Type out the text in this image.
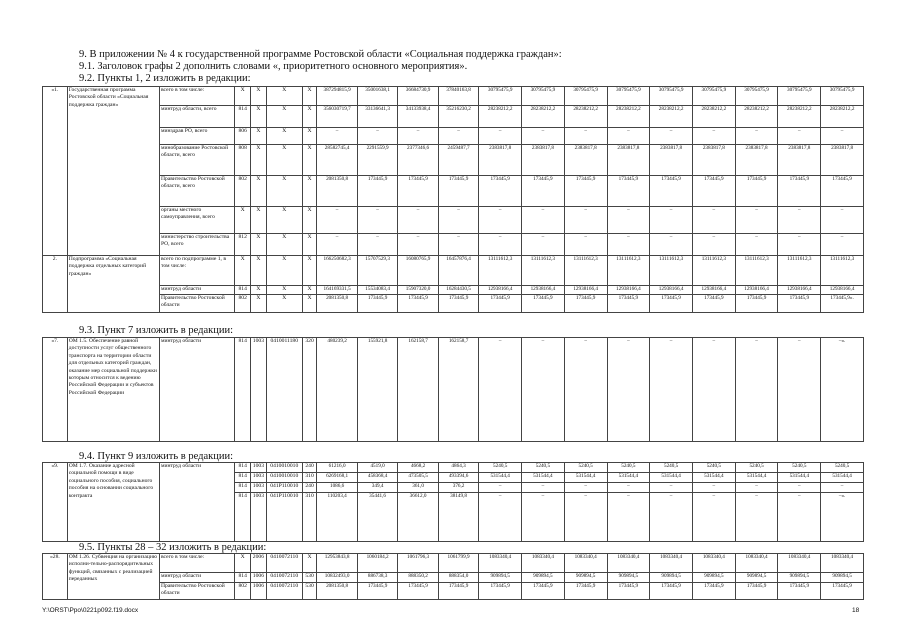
9. В приложении № 4 к государственной программе Ростовской области «Социальная поддержка граждан»:
9.1. Заголовок графы 2 дополнить словами «, приоритетного основного мероприятия».
9.2. Пункты 1, 2 изложить в редакции:
«1.	Государственная программа Ростовской области «Социальная поддержка граждан»	всего в том числе:	X	X	X	X	387294815,9	35001638,1	36684730,9	37840163,8	30795475,9	30795475,9	30795475,9	30795475,9	30795475,9	30795475,9	30795475,9	30795475,9	30795475,9
		минтруд области, всего	814	X	X	X	356030719,7	33136641,3	34133938,4	35216230,2	28238212,2	28238212,2	28238212,2	28238212,2	28238212,2	28238212,2	28238212,2	28238212,2	28238212,2
		минздрав РО, всего	806	X	X	X	–	–	–	–	–	–	–	–	–	–	–	–	–
		минобразование Ростовской области, всего	808	X	X	X	28582745,4	2291559,9	2377346,6	2459487,7	2383817,8	2383817,8	2383817,8	2383817,8	2383817,8	2383817,8	2383817,8	2383817,8	2383817,8
		Правительство Ростовской области, всего	802	X	X	X	2081350,8	173445,9	173445,9	173445,9	173445,9	173445,9	173445,9	173445,9	173445,9	173445,9	173445,9	173445,9	173445,9
		органы местного самоуправления, всего	X	X	X	X	–	–	–	–	–	–	–	–	–	–	–	–	–
		министерство строительства РО, всего	812	X	X	X	–	–	–	–	–	–	–	–	–	–	–	–	–
2.	Подпрограмма «Социальная поддержка отдельных категорий граждан»	всего по подпрограмме 1, в том числе:	X	X	X	X	166250682,3	15707529,3	16080765,9	16457876,4	13111612,3	13111612,3	13111612,3	13111612,3	13111612,3	13111612,3	13111612,3	13111612,3	13111612,3
		минтруд области	814	X	X	X	164169331,5	15534083,4	15907320,0	16284430,5	12938166,4	12938166,4	12938166,4	12938166,4	12938166,4	12938166,4	12938166,4	12938166,4	12938166,4
		Правительство Ростовской области	802	X	X	X	2081350,8	173445,9	173445,9	173445,9	173445,9	173445,9	173445,9	173445,9	173445,9	173445,9	173445,9	173445,9	173445,9».
9.3. Пункт 7 изложить в редакции:
«7.	ОМ 1.5. Обеспечение равной доступности услуг общественного транспорта на территории области для отдельных категорий граждан, оказание мер социальной поддержки которым относится к ведению Российской Федерации и субъектов Российской Федерации	минтруд области	814	1003	0410011180	320	480239,2	155921,8	162158,7	162158,7	–	–	–	–	–	–	–	–	–».
9.4. Пункт 9 изложить в редакции:
«9.	ОМ 1.7. Оказание адресной социальной помощи в виде социального пособия, социального пособия на основании социального контракта	минтруд области	814	1003	0410010010	240	61216,0	4519,0	4668,2	4864,3	5240,5	5240,5	5240,5	5240,5	5240,5	5240,5	5240,5	5240,5	5240,5
			814	1003	0410010010	310	6269168,1	458368,4	473505,5	493394,6	531544,4	531544,4	531544,4	531544,4	531544,4	531544,4	531544,4	531544,4	531544,4
			814	1003	041P110010	240	1086,6	349,4	361,0	376,2	–	–	–	–	–	–	–	–	–
			814	1003	041P110010	310	110203,4	35441,6	36612,0	38149,8	–	–	–	–	–	–	–	–	–».
9.5. Пункты 28 – 32 изложить в редакции:
«28.	ОМ 1.26. Субвенция на организацию исполни-тельно-распорядительных функций, связанных с реализацией переданных	всего в том числе:	X	2006	0410072110	X	12953843,8	1060184,2	1061796,3	1061799,9	1083340,4	1083340,4	1083340,4	1083340,4	1083340,4	1083340,4	1083340,4	1083340,4	1083340,4
		минтруд области	814	1006	0410072110	530	10832493,0	886738,3	888350,2	888354,0	909894,5	909894,5	909894,5	909894,5	909894,5	909894,5	909894,5	909894,5	909894,5
		Правительство Ростовской области	802	1006	0410072110	530	2081350,8	173445,9	173445,9	173445,9	173445,9	173445,9	173445,9	173445,9	173445,9	173445,9	173445,9	173445,9	173445,9
Y:\ORST\Ppo\0221p092.f19.docx	18
